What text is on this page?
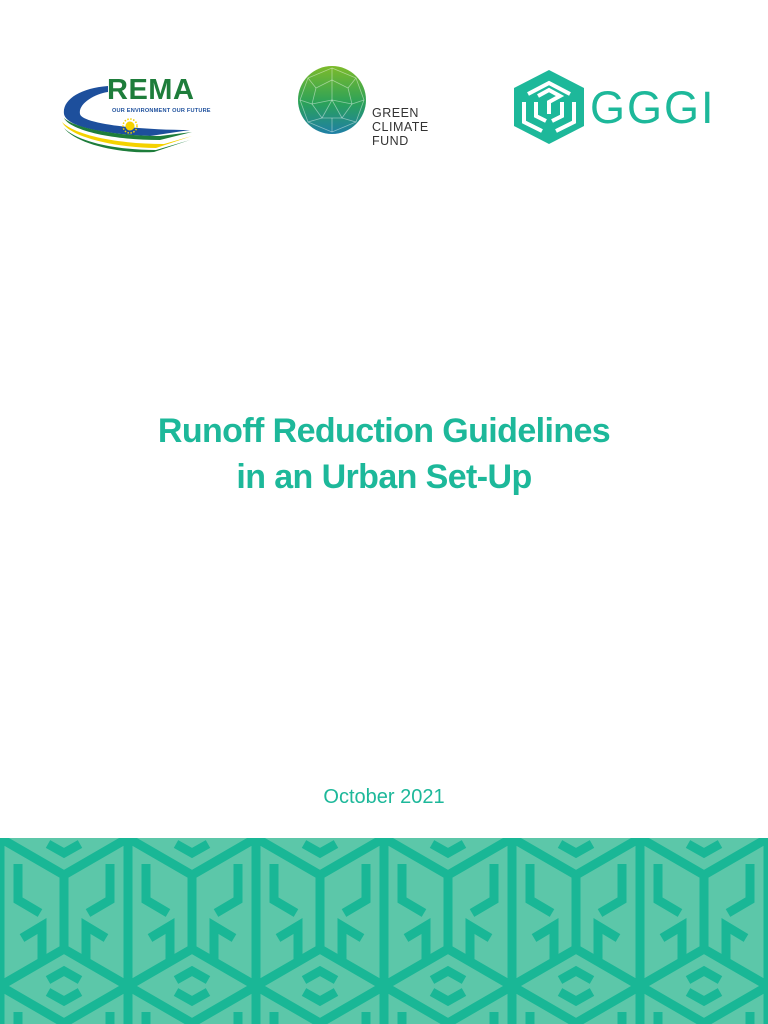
REMA
OUR ENVIRONMENT OUR FUTURE	GREEN
CLIMATE
FUND
GGGI
Runoff Reduction Guidelines
in an Urban Set-Up
October 2021
